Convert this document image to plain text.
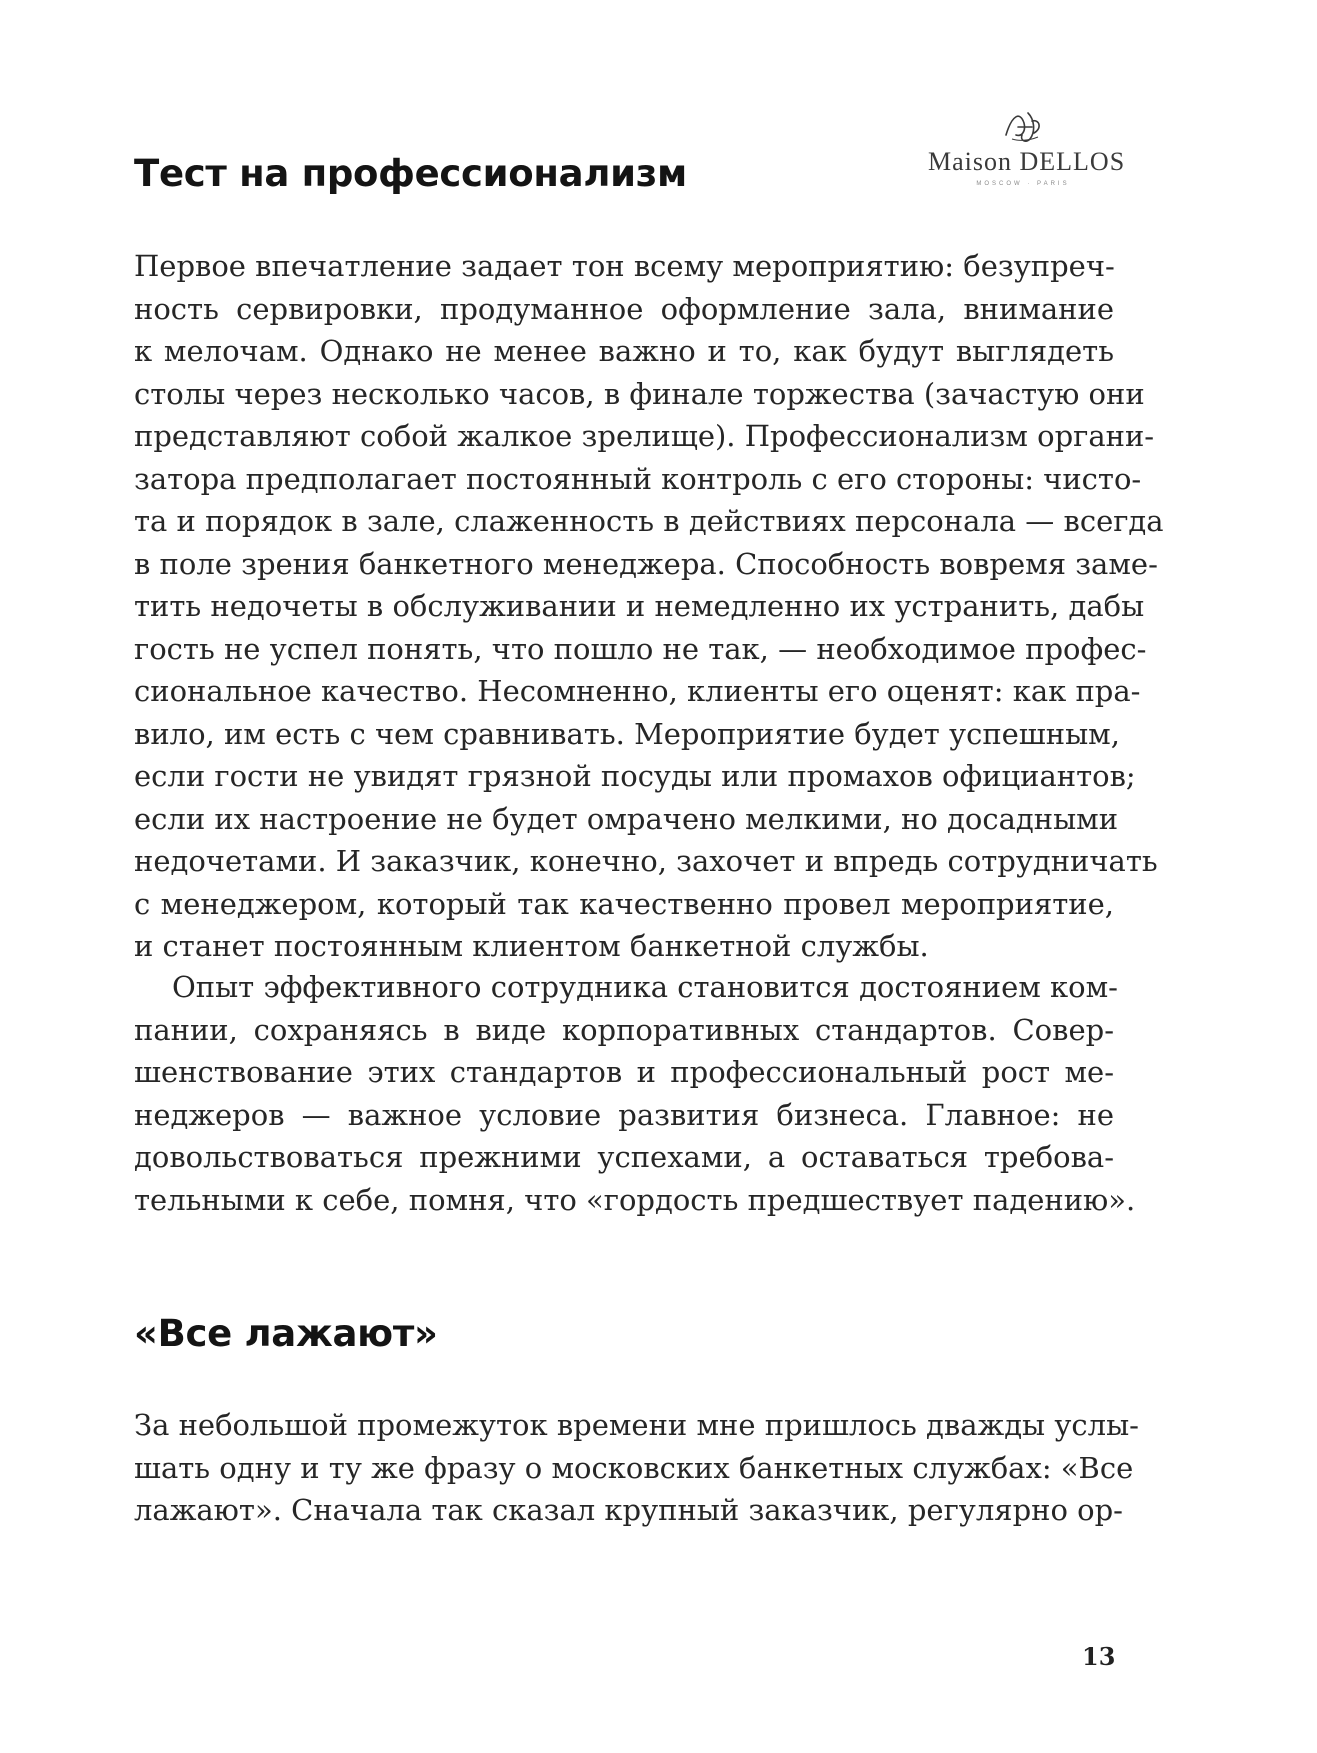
Maison DELLOS
MOSCOW · PARIS
Тест на профессионализм
Первое впечатление задает тон всему мероприятию: безупреч-
ность сервировки, продуманное оформление зала, внимание
к мелочам. Однако не менее важно и то, как будут выглядеть
столы через несколько часов, в финале торжества (зачастую они
представляют собой жалкое зрелище). Профессионализм органи-
затора предполагает постоянный контроль с его стороны: чисто-
та и порядок в зале, слаженность в действиях персонала — всегда
в поле зрения банкетного менеджера. Способность вовремя заме-
тить недочеты в обслуживании и немедленно их устранить, дабы
гость не успел понять, что пошло не так, — необходимое профес-
сиональное качество. Несомненно, клиенты его оценят: как пра-
вило, им есть с чем сравнивать. Мероприятие будет успешным,
если гости не увидят грязной посуды или промахов официантов;
если их настроение не будет омрачено мелкими, но досадными
недочетами. И заказчик, конечно, захочет и впредь сотрудничать
с менеджером, который так качественно провел мероприятие,
и станет постоянным клиентом банкетной службы.
Опыт эффективного сотрудника становится достоянием ком-
пании, сохраняясь в виде корпоративных стандартов. Совер-
шенствование этих стандартов и профессиональный рост ме-
неджеров — важное условие развития бизнеса. Главное: не
довольствоваться прежними успехами, а оставаться требова-
тельными к себе, помня, что «гордость предшествует падению».
«Все лажают»
За небольшой промежуток времени мне пришлось дважды услы-
шать одну и ту же фразу о московских банкетных службах: «Все
лажают». Сначала так сказал крупный заказчик, регулярно ор-
13
